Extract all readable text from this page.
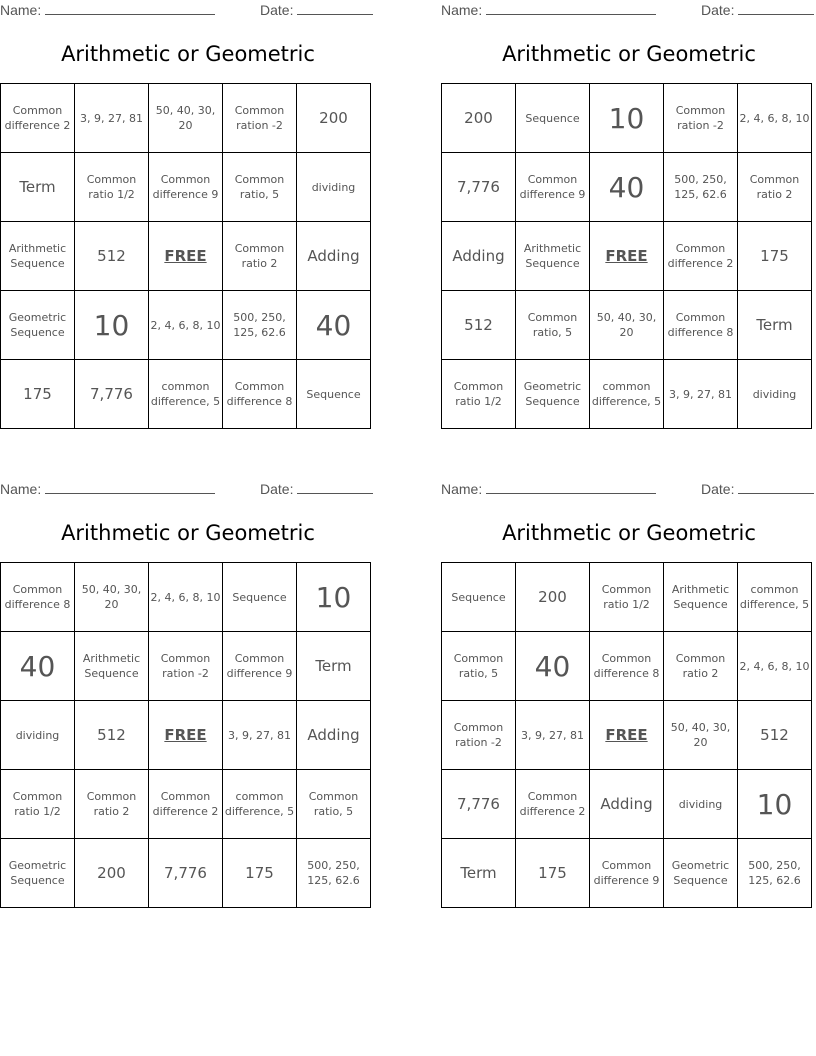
Name:	Date:
Arithmetic or Geometric
Common difference 2	3, 9, 27, 81	50, 40, 30, 20	Common ration -2	200
Term	Common ratio 1/2	Common difference 9	Common ratio, 5	dividing
Arithmetic Sequence	512	FREE	Common ratio 2	Adding
Geometric Sequence	10	2, 4, 6, 8, 10	500, 250, 125, 62.6	40
175	7,776	common difference, 5	Common difference 8	Sequence
Name:	Date:
Arithmetic or Geometric
200	Sequence	10	Common ration -2	2, 4, 6, 8, 10
7,776	Common difference 9	40	500, 250, 125, 62.6	Common ratio 2
Adding	Arithmetic Sequence	FREE	Common difference 2	175
512	Common ratio, 5	50, 40, 30, 20	Common difference 8	Term
Common ratio 1/2	Geometric Sequence	common difference, 5	3, 9, 27, 81	dividing
Name:	Date:
Arithmetic or Geometric
Common difference 8	50, 40, 30, 20	2, 4, 6, 8, 10	Sequence	10
40	Arithmetic Sequence	Common ration -2	Common difference 9	Term
dividing	512	FREE	3, 9, 27, 81	Adding
Common ratio 1/2	Common ratio 2	Common difference 2	common difference, 5	Common ratio, 5
Geometric Sequence	200	7,776	175	500, 250, 125, 62.6
Name:	Date:
Arithmetic or Geometric
Sequence	200	Common ratio 1/2	Arithmetic Sequence	common difference, 5
Common ratio, 5	40	Common difference 8	Common ratio 2	2, 4, 6, 8, 10
Common ration -2	3, 9, 27, 81	FREE	50, 40, 30, 20	512
7,776	Common difference 2	Adding	dividing	10
Term	175	Common difference 9	Geometric Sequence	500, 250, 125, 62.6
